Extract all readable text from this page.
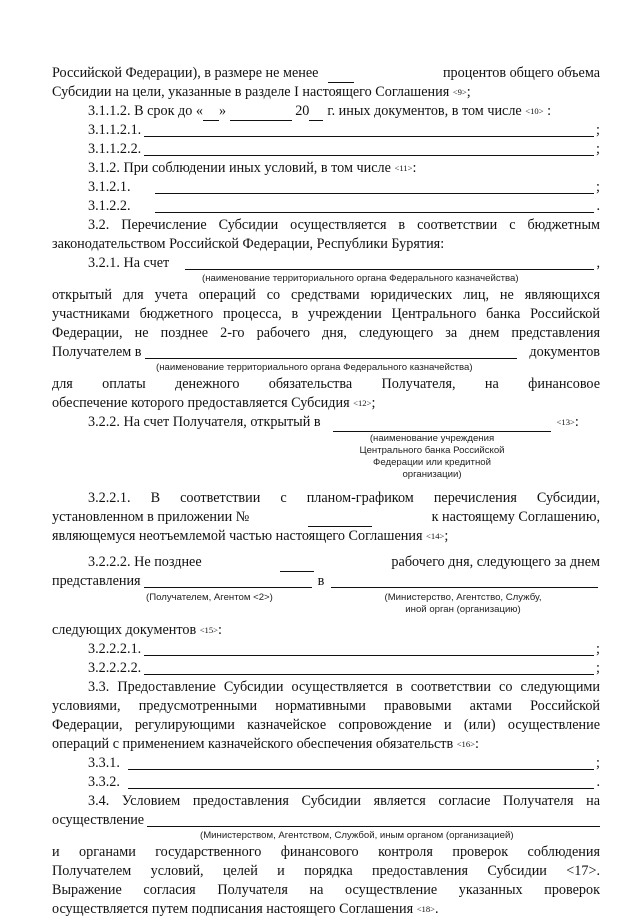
Российской Федерации), в размере не менее	процентов общего объема
Субсидии на цели, указанные в разделе I настоящего Соглашения
<9> ;
3.1.1.2. В срок до « »

	20 г. иных документов, в том числе
<10>
:
3.1.1.2.1.	;
3.1.1.2.2.	;
3.1.2. При соблюдении иных условий, в том числе
<11> :
3.1.2.1.	;
3.1.2.2.	.
3.2. Перечисление Субсидии осуществляется в соответствии с бюджетным
законодательством Российской Федерации, Республики Бурятия:
3.2.1. На счет	,
(наименование территориального органа Федерального казначейства)
открытый для учета операций со средствами юридических лиц, не являющихся
участниками бюджетного процесса, в учреждении Центрального банка Российской
Федерации, не позднее 2-го рабочего дня, следующего за днем представления
Получателем в	документов
(наименование территориального органа Федерального казначейства)
для оплаты денежного обязательства Получателя, на финансовое
обеспечение которого предоставляется Субсидия
<12> ;
3.2.2. На счет Получателя, открытый в	<13> :
(наименование учреждения
Центрального банка Российской
Федерации или кредитной
организации)
3.2.2.1. В соответствии с планом-графиком перечисления Субсидии,
установленном в приложении №	к настоящему Соглашению,
являющемуся неотъемлемой частью настоящего Соглашения
<14> ;
3.2.2.2. Не позднее	рабочего дня, следующего за днем
представления	в
(Получателем, Агентом <2>)	(Министерство, Агентство, Службу,
иной орган (организацию)
следующих документов
<15> :
3.2.2.2.1.	;
3.2.2.2.2.	;
3.3. Предоставление Субсидии осуществляется в соответствии со следующими
условиями, предусмотренными нормативными правовыми актами Российской
Федерации, регулирующими казначейское сопровождение и (или) осуществление
операций с применением казначейского обеспечения обязательств
<16> :
3.3.1.	;
3.3.2.	.
3.4. Условием предоставления Субсидии является согласие Получателя на
осуществление
(Министерством, Агентством, Службой, иным органом (организацией)
и органами государственного финансового контроля проверок соблюдения
Получателем условий, целей и порядка предоставления Субсидии <17>.
Выражение согласия Получателя на осуществление указанных проверок
осуществляется путем подписания настоящего Соглашения
<18> .
